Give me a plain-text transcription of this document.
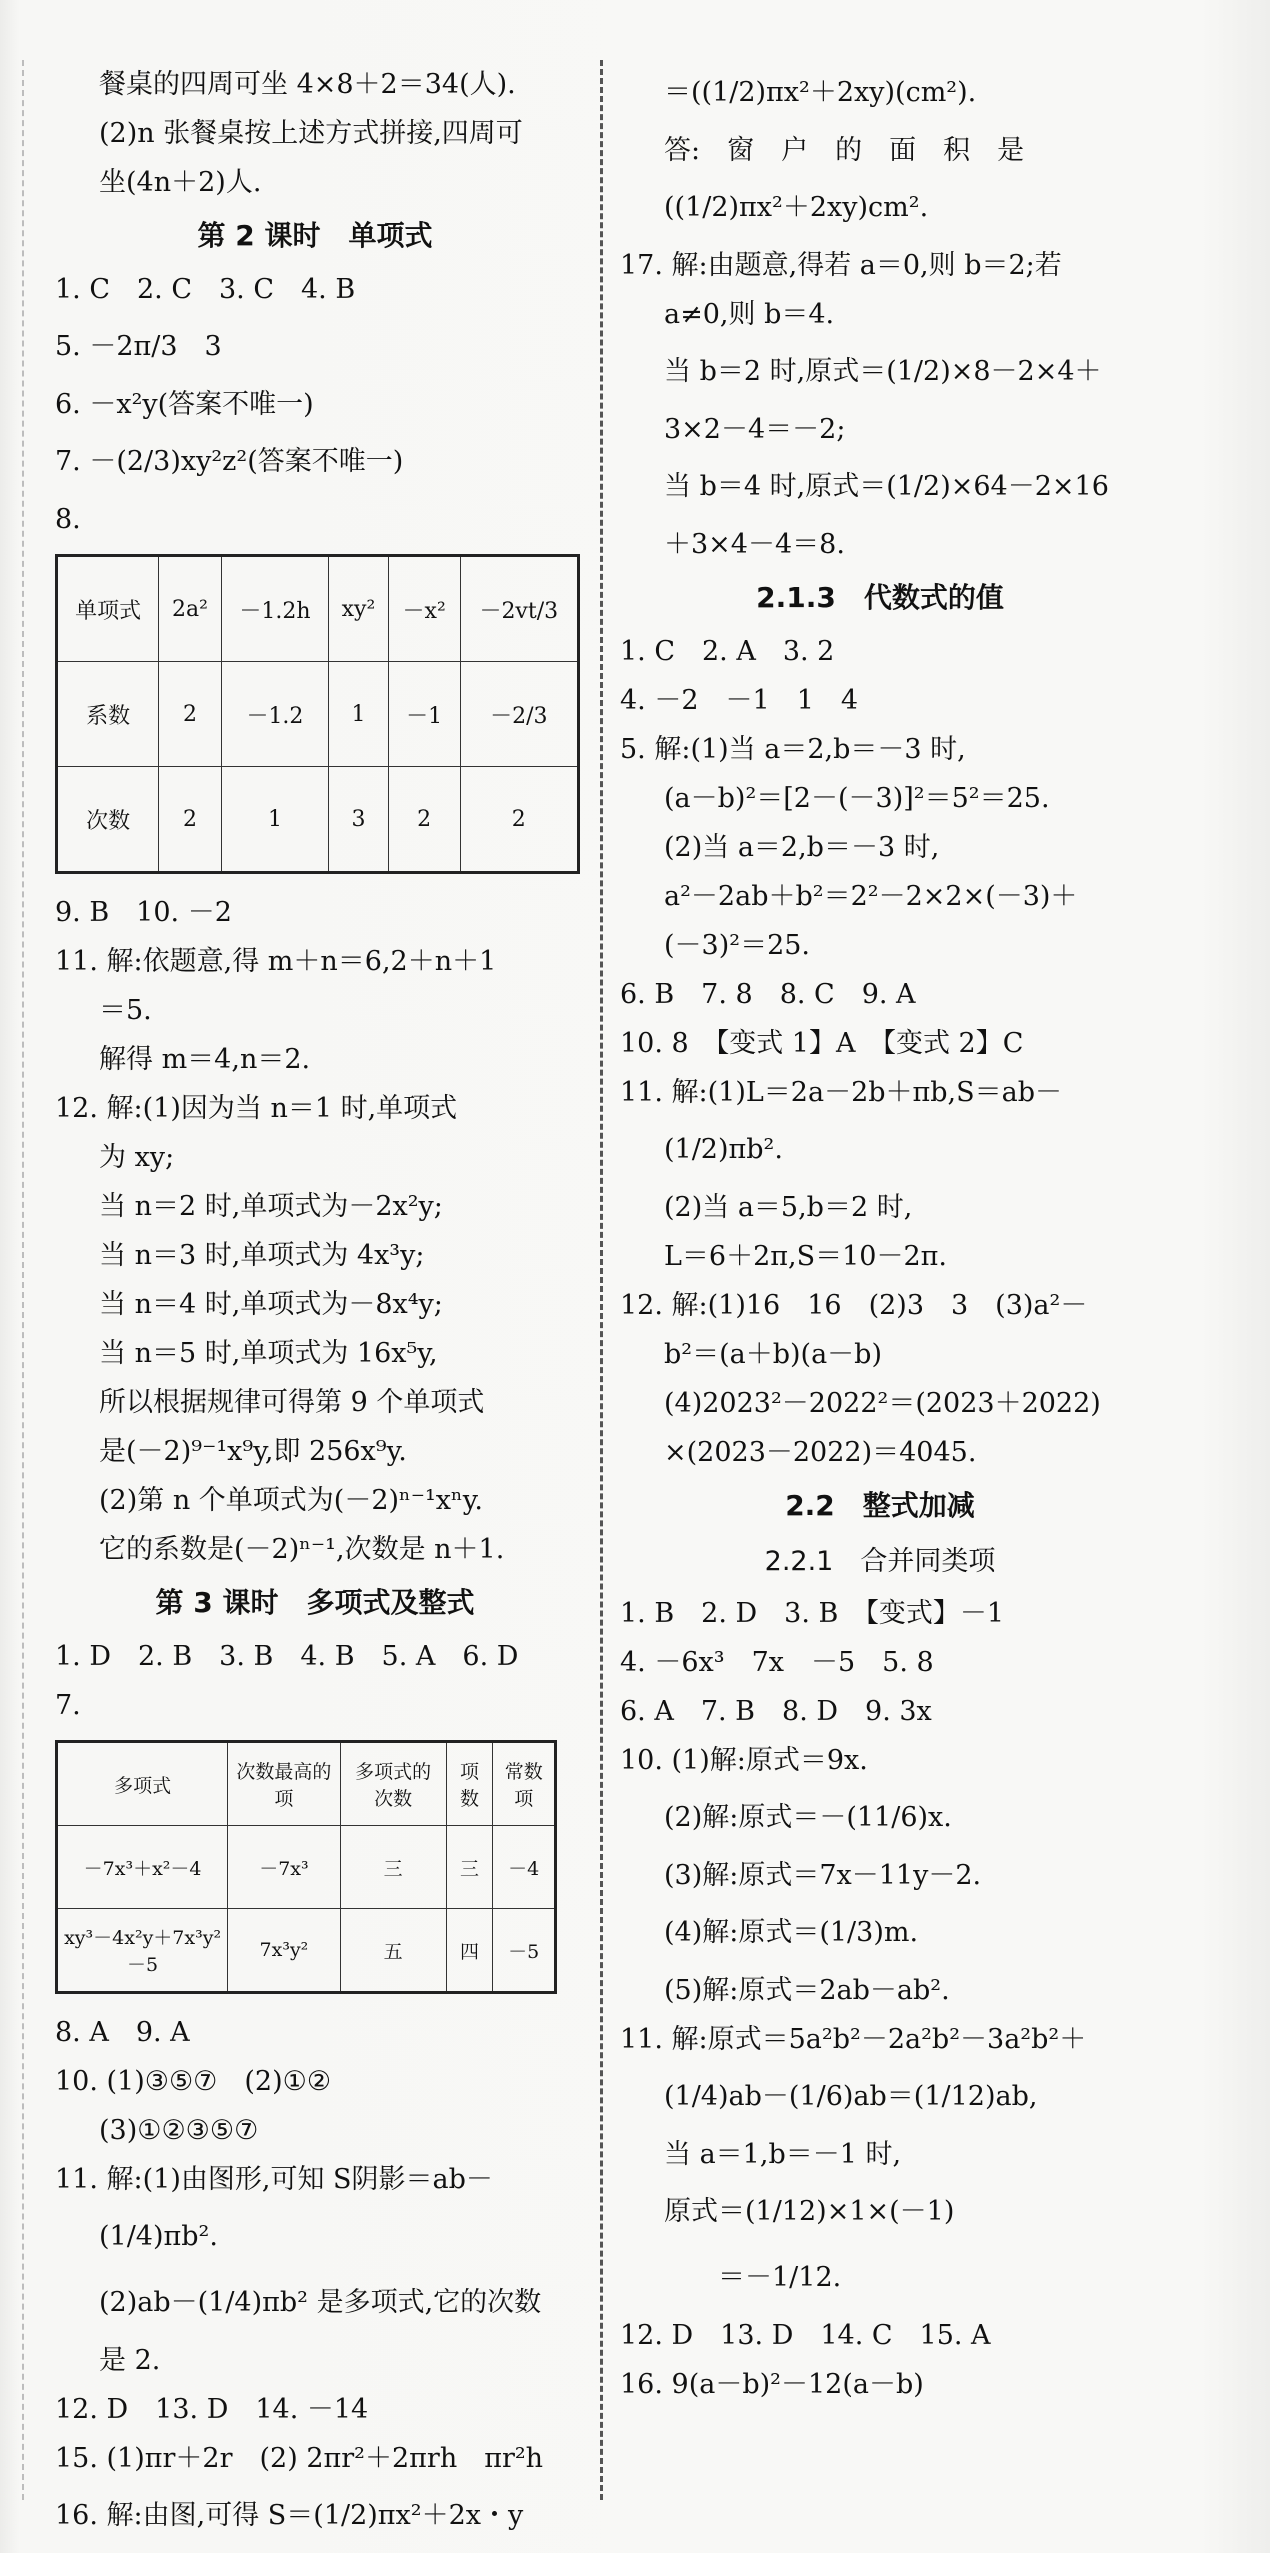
餐桌的四周可坐 4×8＋2＝34(人).

(2)n 张餐桌按上述方式拼接,四周可

坐(4n＋2)人.

第 2 课时　单项式

1. C　2. C　3. C　4. B

5. －2π/3　3

6. －x²y(答案不唯一)

7. －(2/3)xy²z²(答案不唯一)

8.

单项式	2a²	－1.2h	xy²	－x²	－2vt/3
系数	2	－1.2	1	－1	－2/3
次数	2	1	3	2	2

9. B　10. －2

11. 解:依题意,得 m＋n＝6,2＋n＋1

＝5.

解得 m＝4,n＝2.

12. 解:(1)因为当 n＝1 时,单项式

为 xy;

当 n＝2 时,单项式为－2x²y;

当 n＝3 时,单项式为 4x³y;

当 n＝4 时,单项式为－8x⁴y;

当 n＝5 时,单项式为 16x⁵y,

所以根据规律可得第 9 个单项式

是(－2)⁹⁻¹x⁹y,即 256x⁹y.

(2)第 n 个单项式为(－2)ⁿ⁻¹xⁿy.

它的系数是(－2)ⁿ⁻¹,次数是 n＋1.

第 3 课时　多项式及整式

1. D　2. B　3. B　4. B　5. A　6. D

7.

多项式	次数最高的项	多项式的次数	项数	常数项
－7x³＋x²－4	－7x³	三	三	－4
xy³－4x²y＋7x³y²－5	7x³y²	五	四	－5

8. A　9. A

10. (1)③⑤⑦　(2)①②

(3)①②③⑤⑦

11. 解:(1)由图形,可知 S阴影＝ab－

(1/4)πb².

(2)ab－(1/4)πb² 是多项式,它的次数

是 2.

12. D　13. D　14. －14

15. (1)πr＋2r　(2) 2πr²＋2πrh　πr²h

16. 解:由图,可得 S＝(1/2)πx²＋2x・y

＝((1/2)πx²＋2xy)(cm²).

答:　窗　户　的　面　积　是

((1/2)πx²＋2xy)cm².

17. 解:由题意,得若 a＝0,则 b＝2;若

a≠0,则 b＝4.

当 b＝2 时,原式＝(1/2)×8－2×4＋

3×2－4＝－2;

当 b＝4 时,原式＝(1/2)×64－2×16

＋3×4－4＝8.

2.1.3　代数式的值

1. C　2. A　3. 2

4. －2　－1　1　4

5. 解:(1)当 a＝2,b＝－3 时,

(a－b)²＝[2－(－3)]²＝5²＝25.

(2)当 a＝2,b＝－3 时,

a²－2ab＋b²＝2²－2×2×(－3)＋

(－3)²＝25.

6. B　7. 8　8. C　9. A

10. 8　【变式 1】A　【变式 2】C

11. 解:(1)L＝2a－2b＋πb,S＝ab－

(1/2)πb².

(2)当 a＝5,b＝2 时,

L＝6＋2π,S＝10－2π.

12. 解:(1)16　16　(2)3　3　(3)a²－

b²＝(a＋b)(a－b)

(4)2023²－2022²＝(2023＋2022)

×(2023－2022)＝4045.

2.2　整式加减

2.2.1　合并同类项

1. B　2. D　3. B　【变式】－1

4. －6x³　7x　－5　5. 8

6. A　7. B　8. D　9. 3x

10. (1)解:原式＝9x.

(2)解:原式＝－(11/6)x.

(3)解:原式＝7x－11y－2.

(4)解:原式＝(1/3)m.

(5)解:原式＝2ab－ab².

11. 解:原式＝5a²b²－2a²b²－3a²b²＋

(1/4)ab－(1/6)ab＝(1/12)ab,

当 a＝1,b＝－1 时,

原式＝(1/12)×1×(－1)

　　＝－1/12.

12. D　13. D　14. C　15. A

16. 9(a－b)²－12(a－b)
